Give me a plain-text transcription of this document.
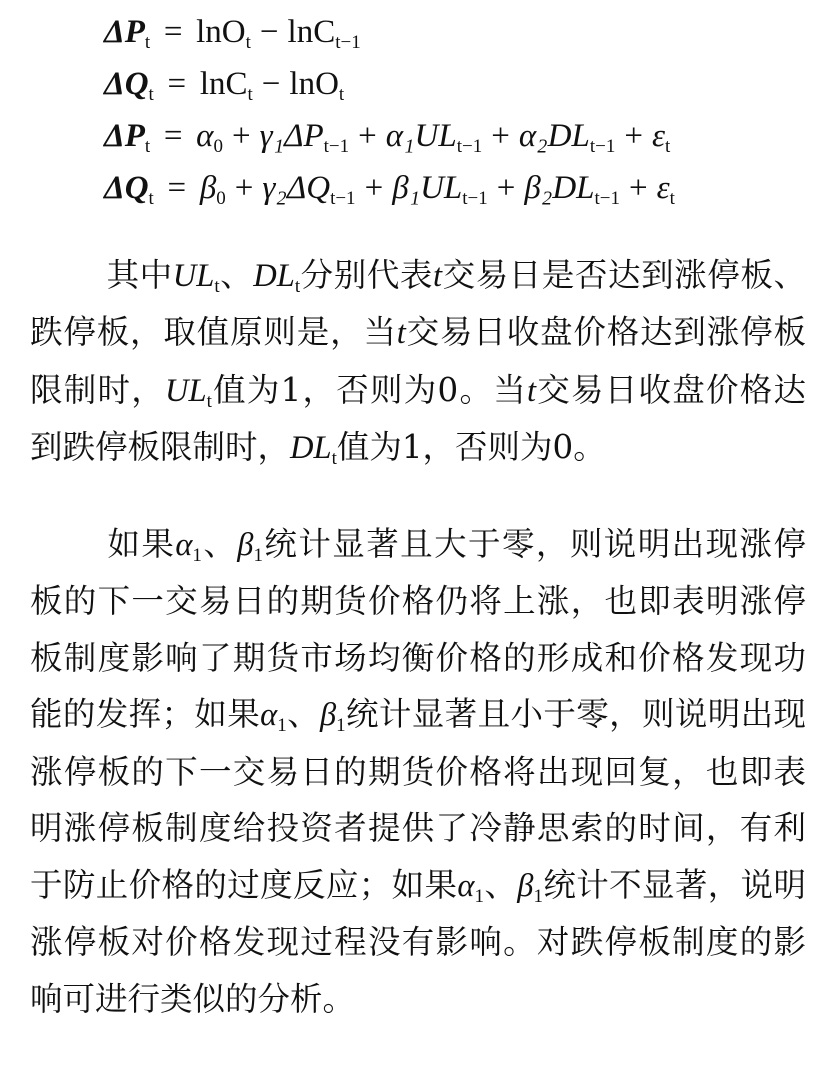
$\Delta P_t = \ln O_t - \ln C_{t-1}$
$\Delta Q_t = \ln C_t - \ln O_t$
$\Delta P_t = \alpha_0 + \gamma_1\Delta P_{t-1} + \alpha_1UL_{t-1} + \alpha_2DL_{t-1} + \varepsilon_t$
$\Delta Q_t = \beta_0 + \gamma_2\Delta Q_{t-1} + \beta_1UL_{t-1} + \beta_2DL_{t-1} + \varepsilon_t$

其中$UL_t$、$DL_t$分别代表t交易日是否达到涨停板、跌停板，取值原则是，当t交易日收盘价格达到涨停板限制时，$UL_t$值为1，否则为0。当t交易日收盘价格达到跌停板限制时，$DL_t$值为1，否则为0。

如果$\alpha_1$、$\beta_1$统计显著且大于零，则说明出现涨停板的下一交易日的期货价格仍将上涨，也即表明涨停板制度影响了期货市场均衡价格的形成和价格发现功能的发挥；如果$\alpha_1$、$\beta_1$统计显著且小于零，则说明出现涨停板的下一交易日的期货价格将出现回复，也即表明涨停板制度给投资者提供了冷静思索的时间，有利于防止价格的过度反应；如果$\alpha_1$、$\beta_1$统计不显著，说明涨停板对价格发现过程没有影响。对跌停板制度的影响可进行类似的分析。
